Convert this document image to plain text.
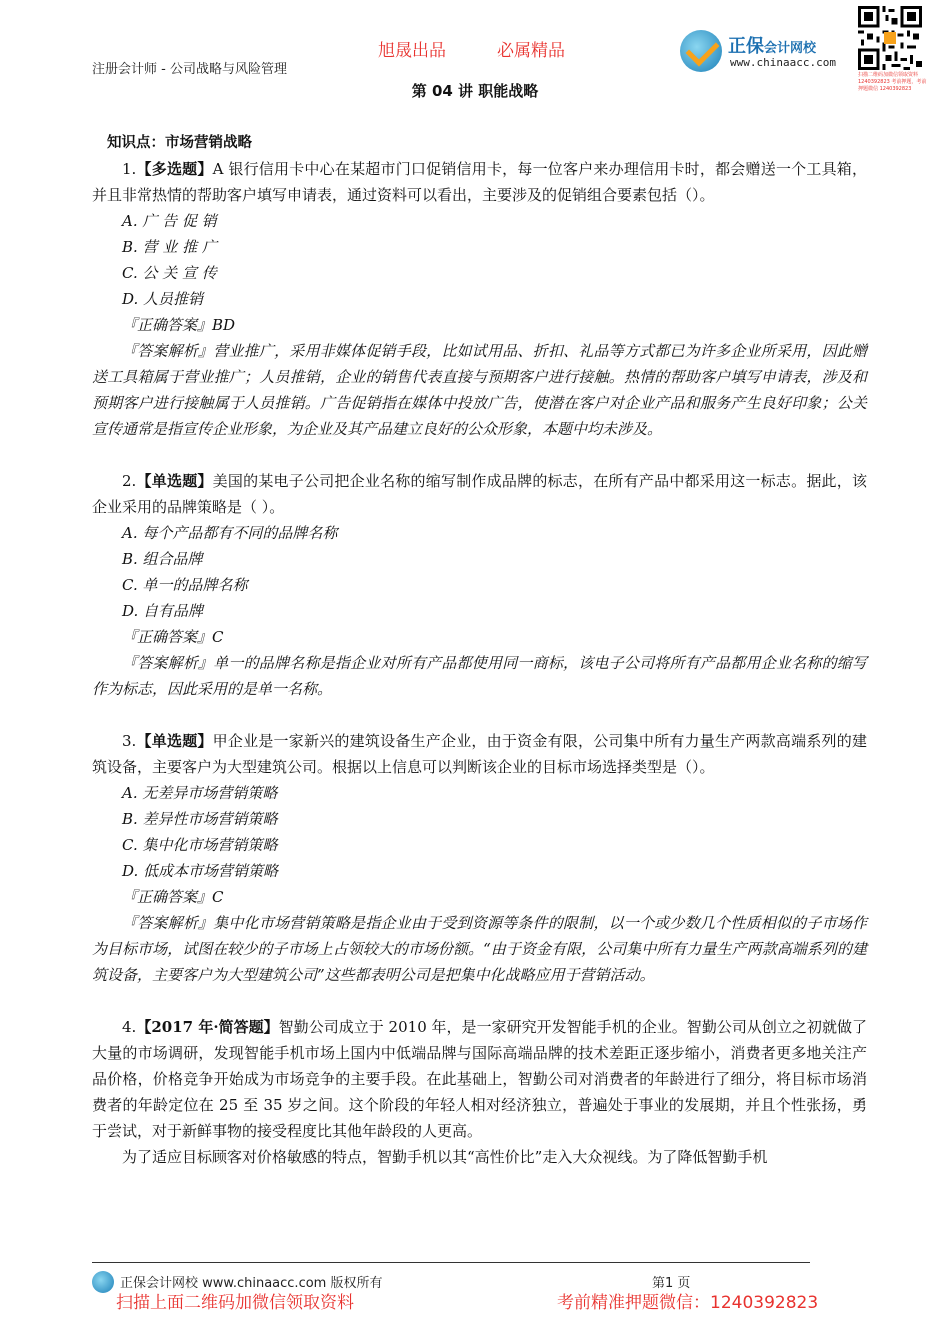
注册会计师 - 公司战略与风险管理
旭晟出品	必属精品
第 04 讲 职能战略
正保会计网校
www.chinaacc.com
扫描二维码加微信领取资料 1240392823 考前押题，考前押题微信 1240392823

知识点：市场营销战略

1.【多选题】A 银行信用卡中心在某超市门口促销信用卡，每一位客户来办理信用卡时，都会赠送一个工具箱，并且非常热情的帮助客户填写申请表，通过资料可以看出，主要涉及的促销组合要素包括（）。

A. 广 告 促 销

B. 营 业 推 广

C. 公 关 宣 传

D. 人员推销

『正确答案』BD

『答案解析』营业推广，采用非媒体促销手段，比如试用品、折扣、礼品等方式都已为许多企业所采用，因此赠送工具箱属于营业推广；人员推销，企业的销售代表直接与预期客户进行接触。热情的帮助客户填写申请表，涉及和预期客户进行接触属于人员推销。广告促销指在媒体中投放广告，使潜在客户对企业产品和服务产生良好印象；公关宣传通常是指宣传企业形象，为企业及其产品建立良好的公众形象，本题中均未涉及。

2.【单选题】美国的某电子公司把企业名称的缩写制作成品牌的标志，在所有产品中都采用这一标志。据此，该企业采用的品牌策略是（ ）。

A. 每个产品都有不同的品牌名称

B. 组合品牌

C. 单一的品牌名称

D. 自有品牌

『正确答案』C

『答案解析』单一的品牌名称是指企业对所有产品都使用同一商标，该电子公司将所有产品都用企业名称的缩写作为标志，因此采用的是单一名称。

3.【单选题】甲企业是一家新兴的建筑设备生产企业，由于资金有限，公司集中所有力量生产两款高端系列的建筑设备，主要客户为大型建筑公司。根据以上信息可以判断该企业的目标市场选择类型是（）。

A. 无差异市场营销策略

B. 差异性市场营销策略

C. 集中化市场营销策略

D. 低成本市场营销策略

『正确答案』C

『答案解析』集中化市场营销策略是指企业由于受到资源等条件的限制，以一个或少数几个性质相似的子市场作为目标市场，试图在较少的子市场上占领较大的市场份额。“由于资金有限，公司集中所有力量生产两款高端系列的建筑设备，主要客户为大型建筑公司”这些都表明公司是把集中化战略应用于营销活动。

4.【2017 年·简答题】智勤公司成立于 2010 年，是一家研究开发智能手机的企业。智勤公司从创立之初就做了大量的市场调研，发现智能手机市场上国内中低端品牌与国际高端品牌的技术差距正逐步缩小，消费者更多地关注产品价格，价格竞争开始成为市场竞争的主要手段。在此基础上，智勤公司对消费者的年龄进行了细分，将目标市场消费者的年龄定位在 25 至 35 岁之间。这个阶段的年轻人相对经济独立，普遍处于事业的发展期，并且个性张扬，勇于尝试，对于新鲜事物的接受程度比其他年龄段的人更高。

为了适应目标顾客对价格敏感的特点，智勤手机以其“高性价比”走入大众视线。为了降低智勤手机

正保会计网校 www.chinaacc.com 版权所有	第1 页
扫描上面二维码加微信领取资料	考前精准押题微信：1240392823
